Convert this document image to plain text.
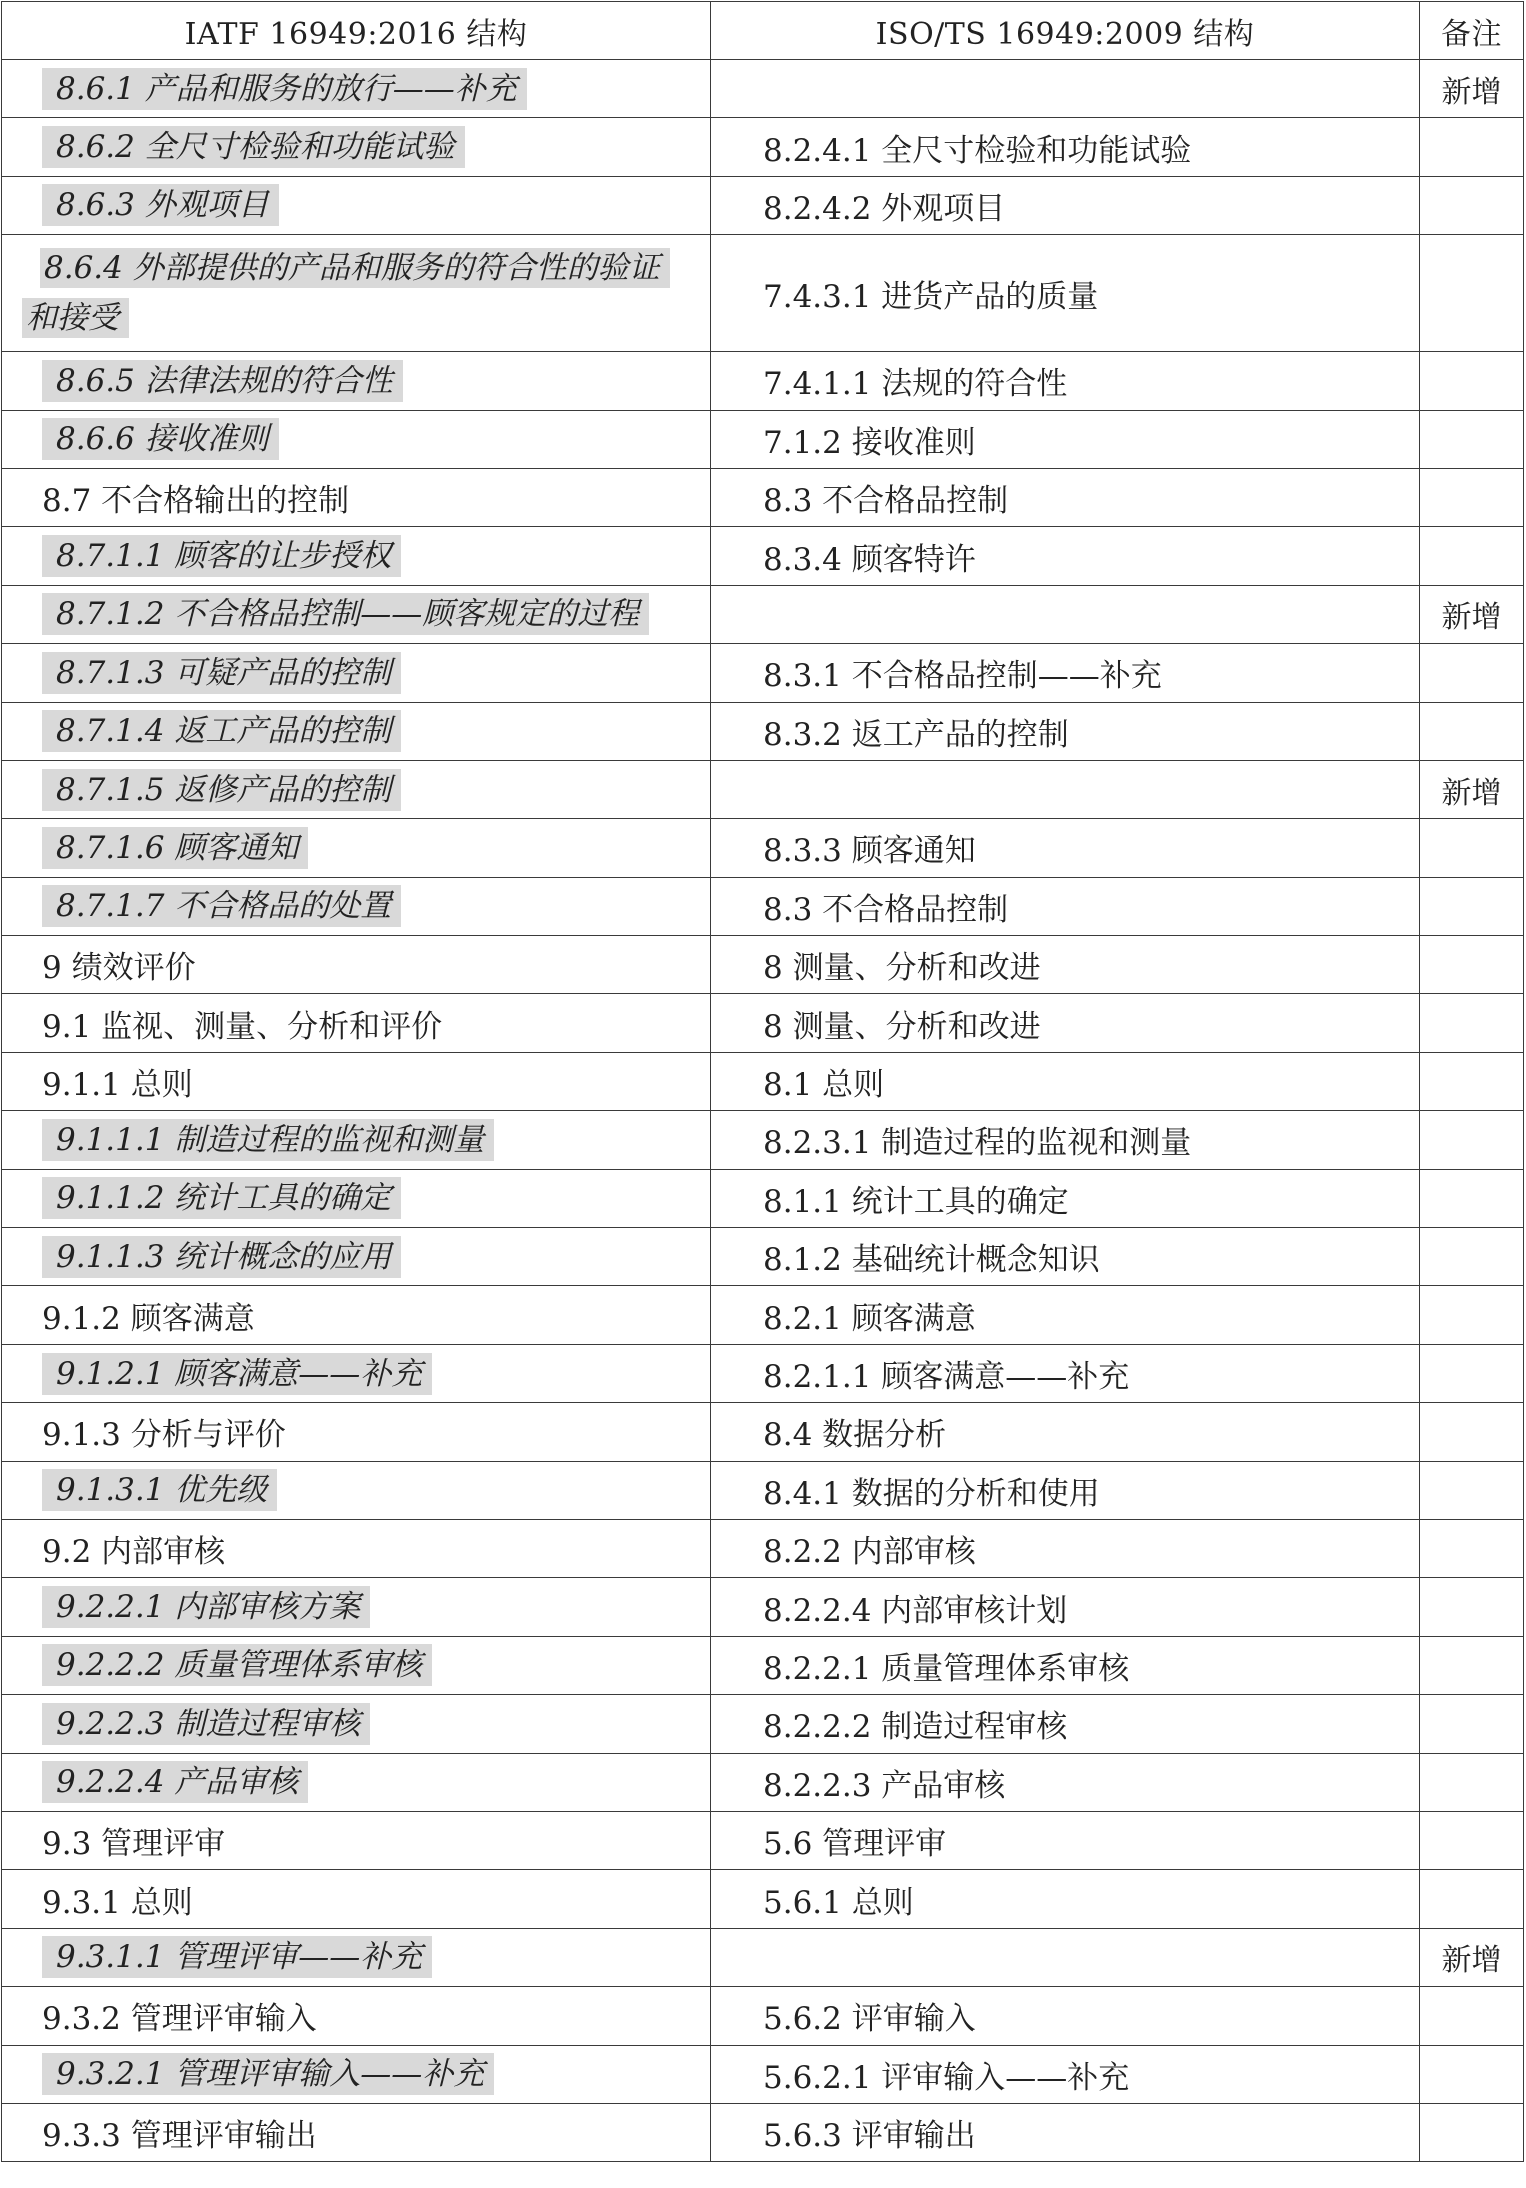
IATF 16949:2016 结构	ISO/TS 16949:2009 结构	备注
8.6.1 产品和服务的放行——补充		新增
8.6.2 全尺寸检验和功能试验	8.2.4.1 全尺寸检验和功能试验	
8.6.3 外观项目	8.2.4.2 外观项目	

8.6.4 外部提供的产品和服务的符合性的验证和接受	7.4.3.1 进货产品的质量	
8.6.5 法律法规的符合性	7.4.1.1 法规的符合性	
8.6.6 接收准则	7.1.2 接收准则	
8.7 不合格输出的控制	8.3 不合格品控制	
8.7.1.1 顾客的让步授权	8.3.4 顾客特许	
8.7.1.2 不合格品控制——顾客规定的过程		新增
8.7.1.3 可疑产品的控制	8.3.1 不合格品控制——补充	
8.7.1.4 返工产品的控制	8.3.2 返工产品的控制	
8.7.1.5 返修产品的控制		新增
8.7.1.6 顾客通知	8.3.3 顾客通知	
8.7.1.7 不合格品的处置	8.3 不合格品控制	
9 绩效评价	8 测量、分析和改进	
9.1 监视、测量、分析和评价	8 测量、分析和改进	
9.1.1 总则	8.1 总则	
9.1.1.1 制造过程的监视和测量	8.2.3.1 制造过程的监视和测量	
9.1.1.2 统计工具的确定	8.1.1 统计工具的确定	
9.1.1.3 统计概念的应用	8.1.2 基础统计概念知识	
9.1.2 顾客满意	8.2.1 顾客满意	
9.1.2.1 顾客满意——补充	8.2.1.1 顾客满意——补充	
9.1.3 分析与评价	8.4 数据分析	
9.1.3.1 优先级	8.4.1 数据的分析和使用	
9.2 内部审核	8.2.2 内部审核	
9.2.2.1 内部审核方案	8.2.2.4 内部审核计划	
9.2.2.2 质量管理体系审核	8.2.2.1 质量管理体系审核	
9.2.2.3 制造过程审核	8.2.2.2 制造过程审核	
9.2.2.4 产品审核	8.2.2.3 产品审核	
9.3 管理评审	5.6 管理评审	
9.3.1 总则	5.6.1 总则	
9.3.1.1 管理评审——补充		新增
9.3.2 管理评审输入	5.6.2 评审输入	
9.3.2.1 管理评审输入——补充	5.6.2.1 评审输入——补充	
9.3.3 管理评审输出	5.6.3 评审输出	
